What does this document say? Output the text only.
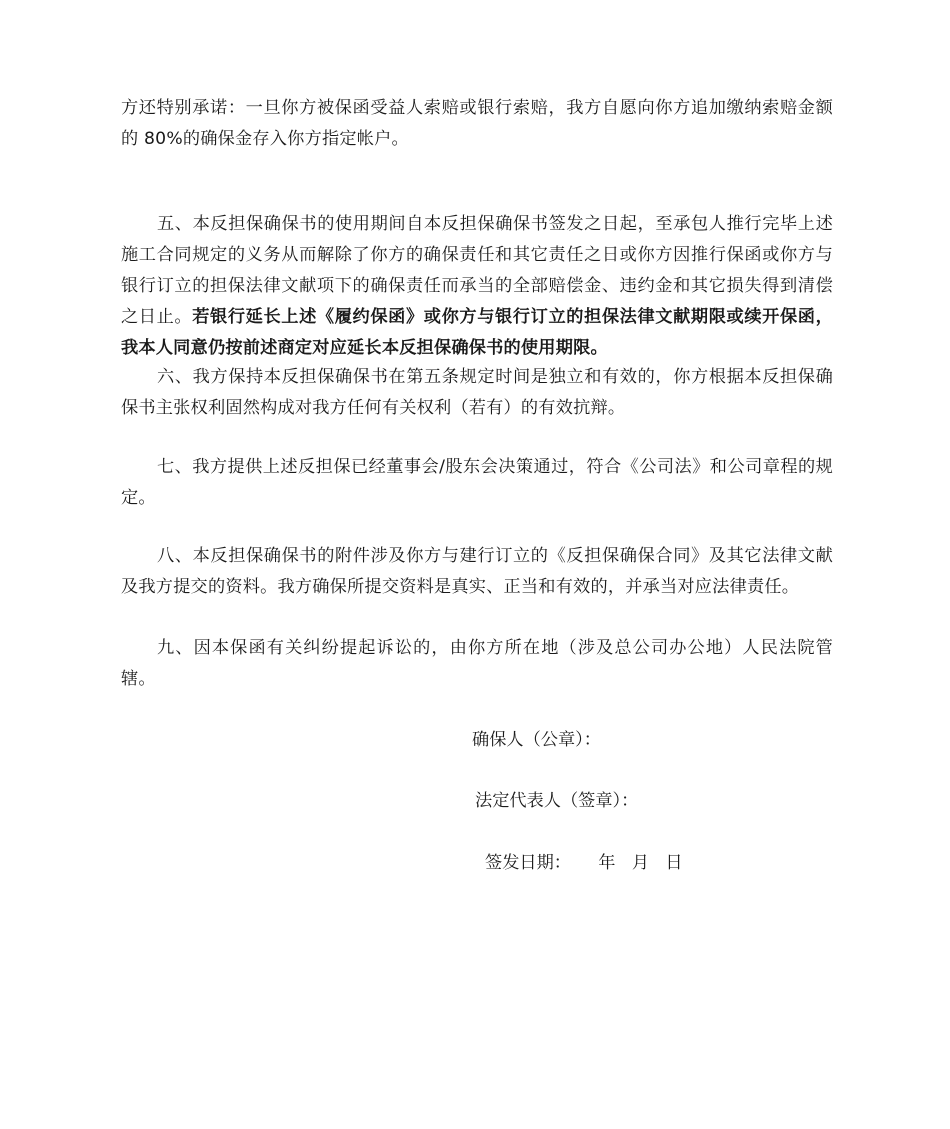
方还特别承诺：一旦你方被保函受益人索赔或银行索赔，我方自愿向你方追加缴纳索赔金额的 80%的确保金存入你方指定帐户。

五、本反担保确保书的使用期间自本反担保确保书签发之日起，至承包人推行完毕上述施工合同规定的义务从而解除了你方的确保责任和其它责任之日或你方因推行保函或你方与银行订立的担保法律文献项下的确保责任而承当的全部赔偿金、违约金和其它损失得到清偿之日止。若银行延长上述《履约保函》或你方与银行订立的担保法律文献期限或续开保函，我本人同意仍按前述商定对应延长本反担保确保书的使用期限。

六、我方保持本反担保确保书在第五条规定时间是独立和有效的，你方根据本反担保确保书主张权利固然构成对我方任何有关权利（若有）的有效抗辩。

七、我方提供上述反担保已经董事会/股东会决策通过，符合《公司法》和公司章程的规定。

八、本反担保确保书的附件涉及你方与建行订立的《反担保确保合同》及其它法律文献及我方提交的资料。我方确保所提交资料是真实、正当和有效的，并承当对应法律责任。

九、因本保函有关纠纷提起诉讼的，由你方所在地（涉及总公司办公地）人民法院管辖。

确保人（公章）：

法定代表人（签章）：

签发日期：     年   月   日
